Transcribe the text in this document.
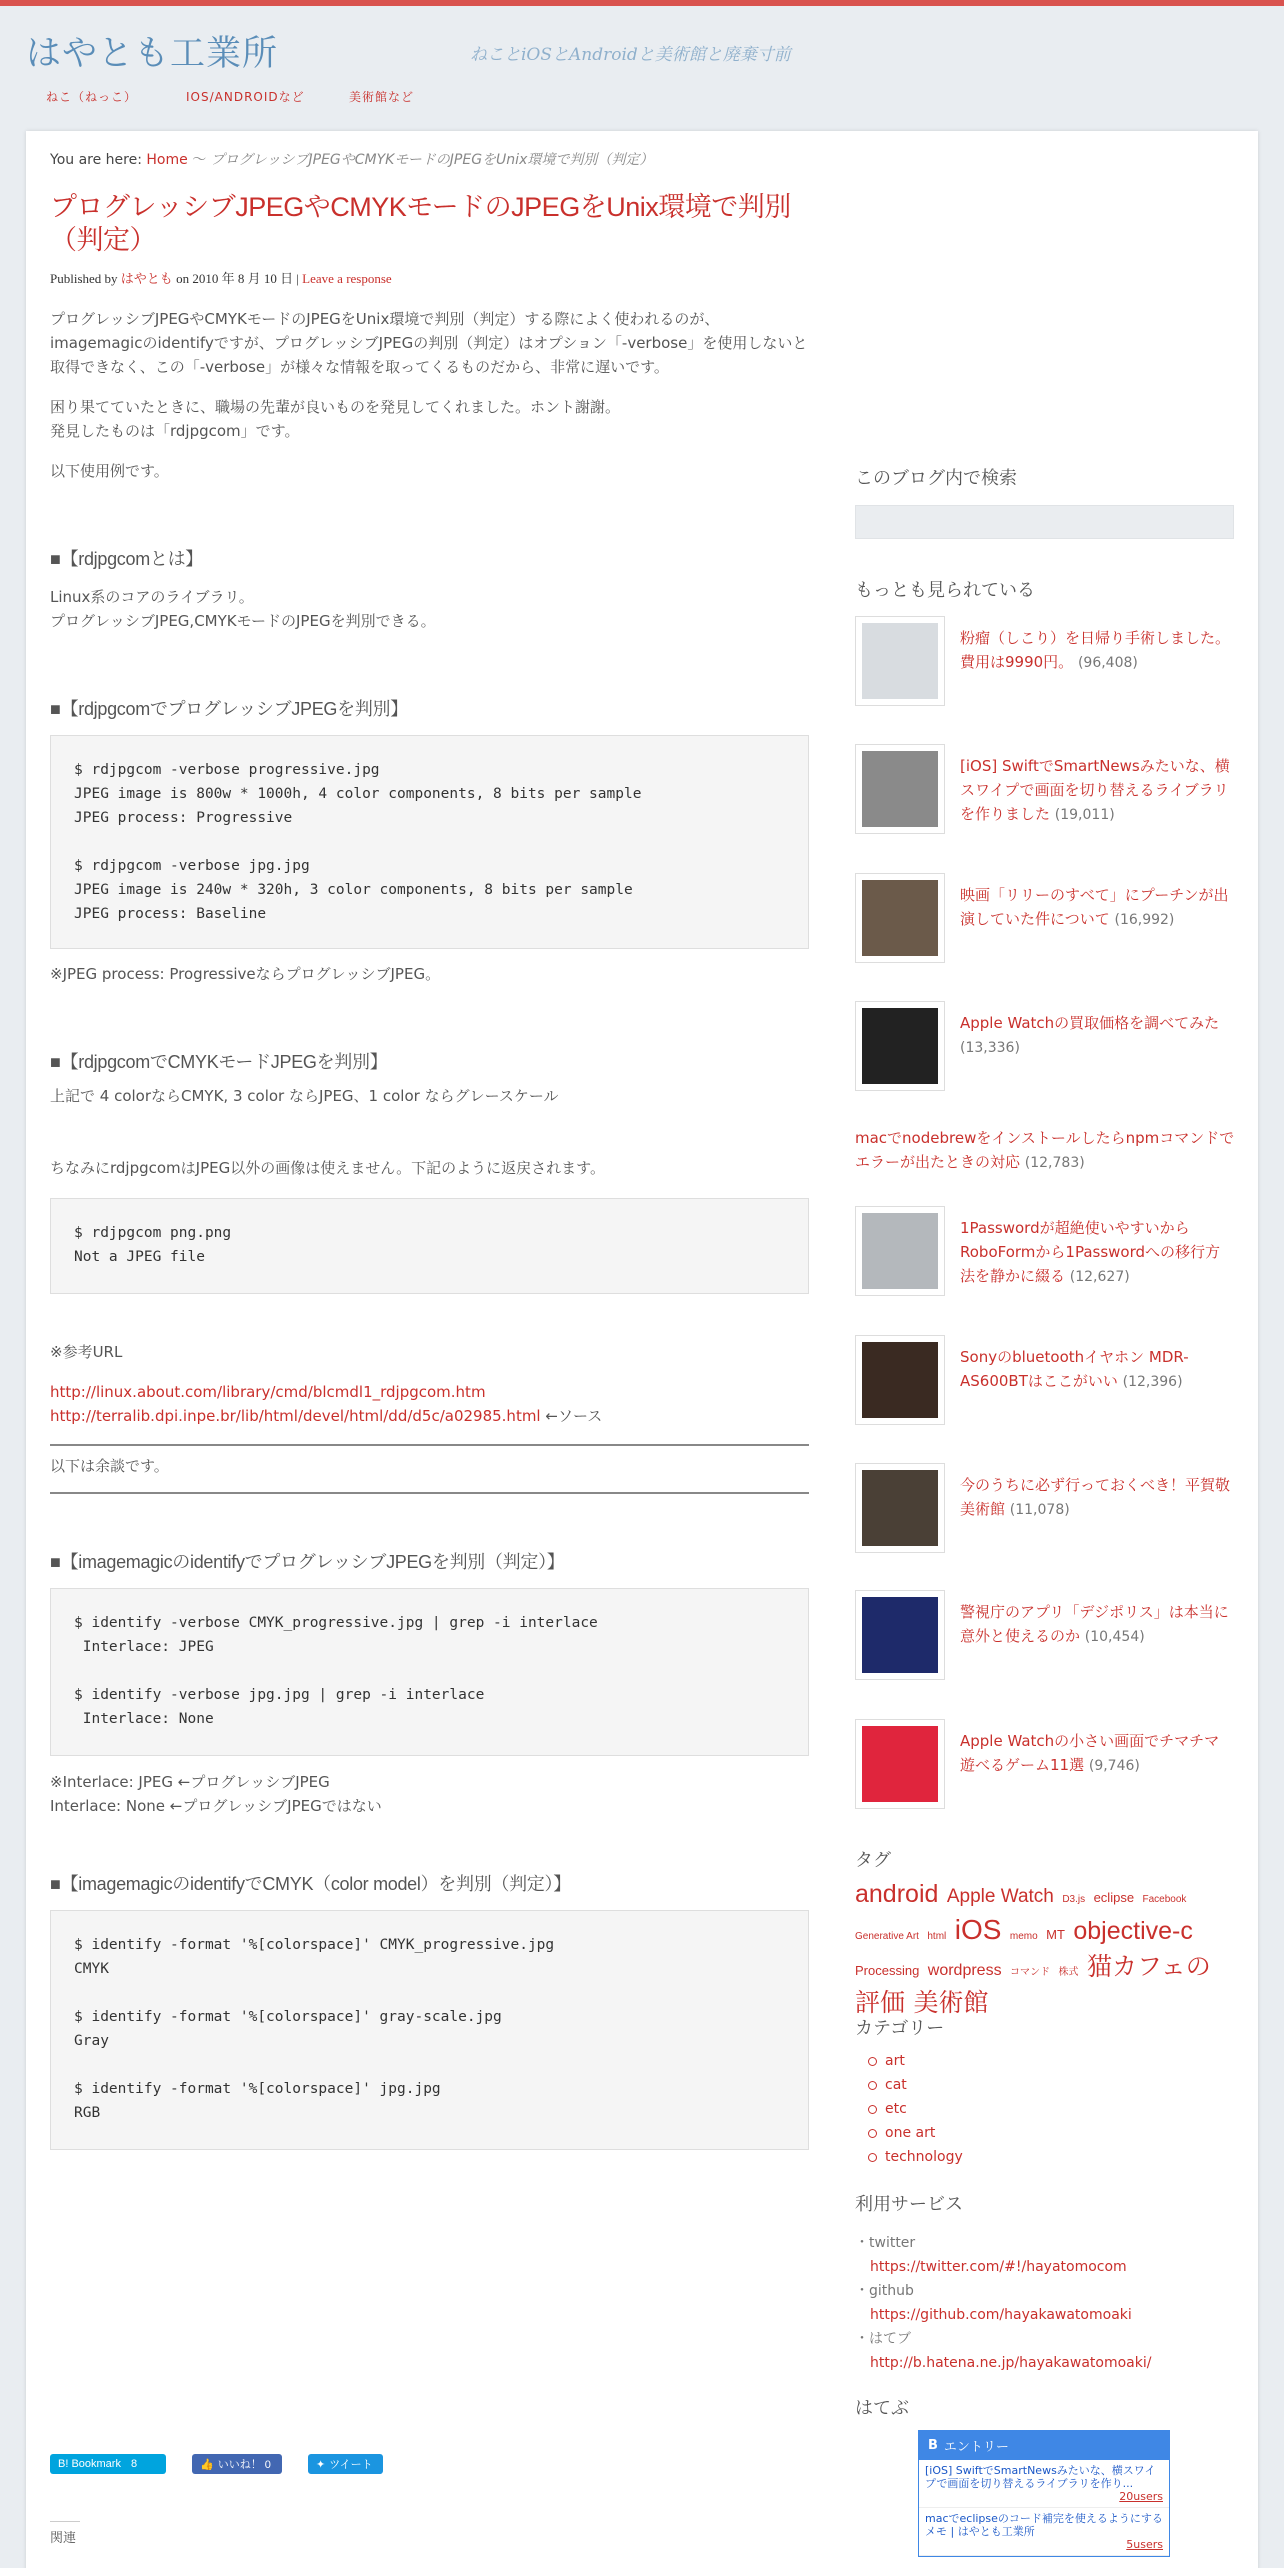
はやとも工業所	ねことiOSとAndroidと美術館と廃棄寸前
ねこ（ねっこ）	IOS/ANDROIDなど	美術館など
You are here: Home 〜 プログレッシブJPEGやCMYKモードのJPEGをUnix環境で判別（判定）
プログレッシブJPEGやCMYKモードのJPEGをUnix環境で判別（判定）
Published by はやとも on 2010 年 8 月 10 日 | Leave a response

プログレッシブJPEGやCMYKモードのJPEGをUnix環境で判別（判定）する際によく使われるのが、imagemagicのidentifyですが、プログレッシブJPEGの判別（判定）はオプション「-verbose」を使用しないと取得できなく、この「-verbose」が様々な情報を取ってくるものだから、非常に遅いです。

困り果てていたときに、職場の先輩が良いものを発見してくれました。ホント謝謝。
発見したものは「rdjpgcom」です。

以下使用例です。

■【rdjpgcomとは】

Linux系のコアのライブラリ。
プログレッシブJPEG,CMYKモードのJPEGを判別できる。

■【rdjpgcomでプログレッシブJPEGを判別】
$ rdjpgcom -verbose progressive.jpg
JPEG image is 800w * 1000h, 4 color components, 8 bits per sample
JPEG process: Progressive

$ rdjpgcom -verbose jpg.jpg
JPEG image is 240w * 320h, 3 color components, 8 bits per sample
JPEG process: Baseline

※JPEG process: ProgressiveならプログレッシブJPEG。

■【rdjpgcomでCMYKモードJPEGを判別】

上記で 4 colorならCMYK, 3 color ならJPEG、1 color ならグレースケール

ちなみにrdjpgcomはJPEG以外の画像は使えません。下記のように返戻されます。

$ rdjpgcom png.png
Not a JPEG file

※参考URL

http://linux.about.com/library/cmd/blcmdl1_rdjpgcom.htm
http://terralib.dpi.inpe.br/lib/html/devel/html/dd/d5c/a02985.html ←ソース

以下は余談です。

■【imagemagicのidentifyでプログレッシブJPEGを判別（判定）】
$ identify -verbose CMYK_progressive.jpg | grep -i interlace
Interlace: JPEG

$ identify -verbose jpg.jpg | grep -i interlace
Interlace: None

※Interlace: JPEG ←プログレッシブJPEG
Interlace: None ←プログレッシブJPEGではない

■【imagemagicのidentifyでCMYK（color model）を判別（判定）】
$ identify -format '%[colorspace]' CMYK_progressive.jpg
CMYK

$ identify -format '%[colorspace]' gray-scale.jpg
Gray

$ identify -format '%[colorspace]' jpg.jpg
RGB
B! Bookmark 8	👍 いいね！ 0	✦ ツイート
関連
このブログ内で検索
もっとも見られている
粉瘤（しこり）を日帰り手術しました。費用は9990円。 (96,408)
[iOS] SwiftでSmartNewsみたいな、横スワイプで画面を切り替えるライブラリを作りました (19,011)
映画「リリーのすべて」にプーチンが出演していた件について (16,992)
Apple Watchの買取価格を調べてみた (13,336)
macでnodebrewをインストールしたらnpmコマンドでエラーが出たときの対応 (12,783)
1Passwordが超絶使いやすいからRoboFormから1Passwordへの移行方法を静かに綴る (12,627)
Sonyのbluetoothイヤホン MDR-AS600BTはここがいい (12,396)
今のうちに必ず行っておくべき！平賀敬美術館 (11,078)
警視庁のアプリ「デジポリス」は本当に意外と使えるのか (10,454)
Apple Watchの小さい画面でチマチマ遊べるゲーム11選 (9,746)
タグ
android Apple Watch D3.js eclipse Facebook Generative Art html iOS memo MT objective-c Processing wordpress コマンド 株式 猫カフェの評価 美術館
カテゴリー
art
cat
etc
one art
technology
利用サービス
・twitter
https://twitter.com/#!/hayatomocom
・github
https://github.com/hayakawatomoaki
・はてブ
http://b.hatena.ne.jp/hayakawatomoaki/
はてぶ
B エントリー
[iOS] SwiftでSmartNewsみたいな、横スワイプで画面を切り替えるライブラリを作り...
20users
macでeclipseのコード補完を使えるようにするメモ | はやとも工業所
5users
